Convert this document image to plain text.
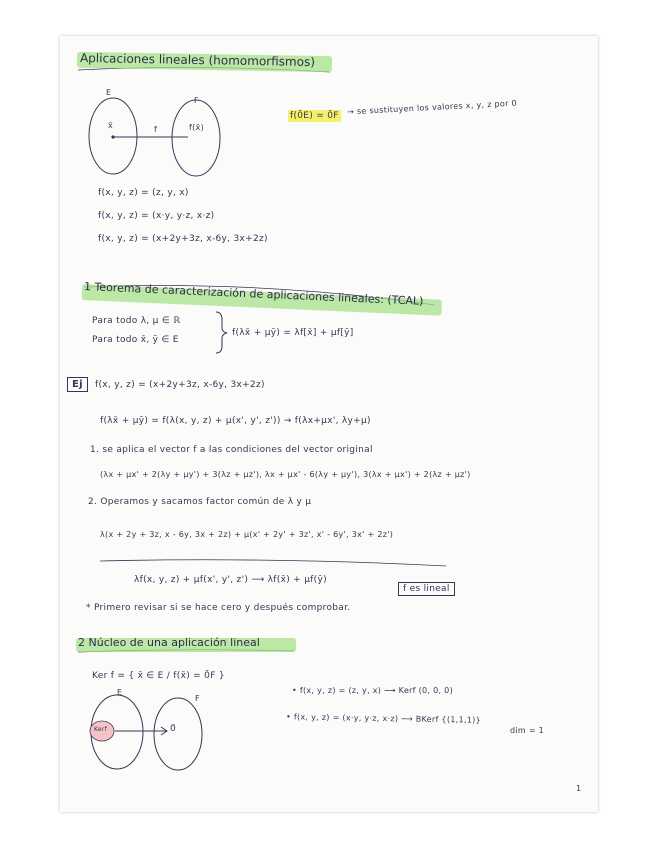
Aplicaciones lineales (homomorfismos)
E
F
x̄	f	f(x̄)
f(0̄E) = 0̄F → se sustituyen los valores x, y, z por 0
f(x, y, z) = (z, y, x)
f(x, y, z) = (x·y, y·z, x·z)
f(x, y, z) = (x+2y+3z, x-6y, 3x+2z)
1 Teorema de caracterización de aplicaciones lineales: (TCAL)
Para todo λ, μ ∈ ℝ
Para todo x̄, ȳ ∈ E
f(λx̄ + μȳ) = λf[x̄] + μf[ȳ]
Ej	f(x, y, z) = (x+2y+3z, x-6y, 3x+2z)
f(λx̄ + μȳ) = f(λ(x, y, z) + μ(x', y', z')) → f(λx+μx', λy+μ)
1. se aplica el vector f a las condiciones del vector original
(λx + μx' + 2(λy + μy') + 3(λz + μz'), λx + μx' - 6(λy + μy'), 3(λx + μx') + 2(λz + μz')
2. Operamos y sacamos factor común de λ y μ
λ(x + 2y + 3z, x - 6y, 3x + 2z) + μ(x' + 2y' + 3z', x' - 6y', 3x' + 2z')
λf(x, y, z) + μf(x', y', z') ⟶ λf(x̄) + μf(ȳ)
f es lineal
* Primero revisar si se hace cero y después comprobar.
2 Núcleo de una aplicación lineal
Ker f = { x̄ ∈ E / f(x̄) = 0̄F }
E
F
Kerf	0̄
• f(x, y, z) = (z, y, x) ⟶ Kerf (0, 0, 0)
• f(x, y, z) = (x·y, y·z, x·z) ⟶ BKerf {(1,1,1)}
dim = 1
1
